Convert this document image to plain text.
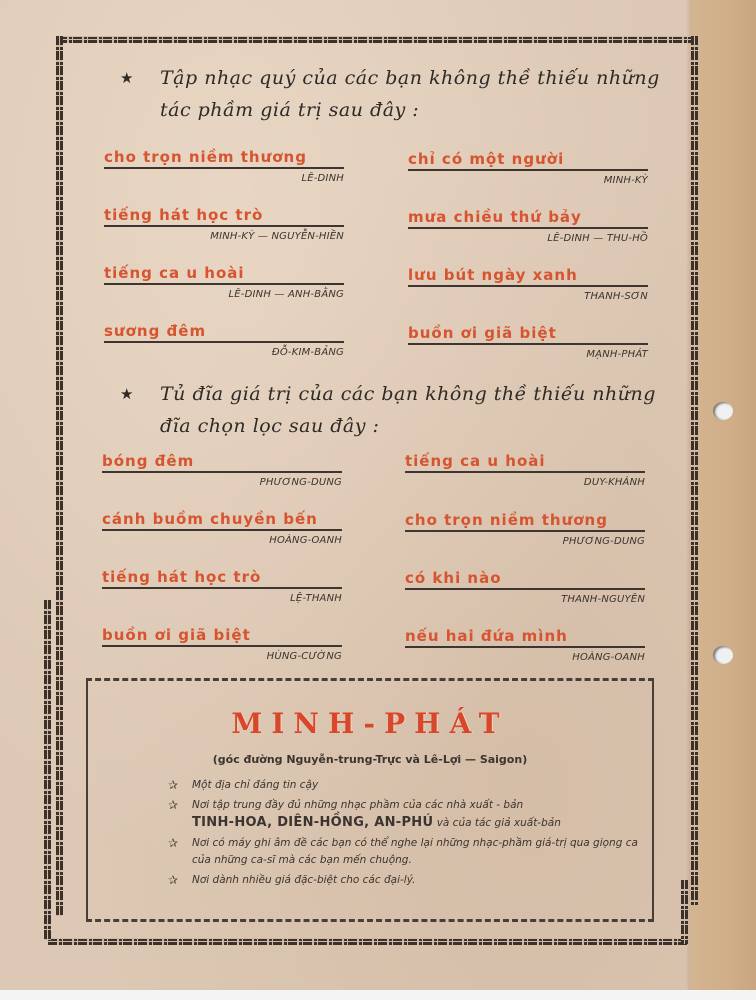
★	Tập nhạc quý của các bạn không thề thiếu những
tác phầm giá trị sau đây :
cho trọn niềm thương
LÊ-DINH
chỉ có một người
MINH-KỲ
tiếng hát học trò
MINH-KỲ — NGUYỄN-HIỀN
mưa chiều thứ bảy
LÊ-DINH — THU-HỒ
tiếng ca u hoài
LÊ-DINH — ANH-BẰNG
lưu bút ngày xanh
THANH-SƠN
sương đêm
ĐỖ-KIM-BẢNG
buồn ơi giã biệt
MẠNH-PHÁT
★	Tủ đĩa giá trị của các bạn không thề thiếu những
đĩa chọn lọc sau đây :
bóng đêm
PHƯƠNG-DUNG
tiếng ca u hoài
DUY-KHÁNH
cánh buồm chuyền bến
HOÀNG-OANH
cho trọn niềm thương
PHƯƠNG-DUNG
tiếng hát học trò
LỆ-THANH
có khi nào
THANH-NGUYÊN
buồn ơi giã biệt
HÙNG-CƯỜNG
nếu hai đứa mình
HOÀNG-OANH
MINH-PHÁT
(góc đường Nguyễn-trung-Trực và Lê-Lợi — Saigon)
✰ Một địa chỉ đáng tin cậy
✰ Nơi tập trung đầy đủ những nhạc phầm của các nhà xuất - bản
TINH-HOA, DIÊN-HỒNG, AN-PHÚ và của tác giả xuất-bản
✰ Nơi có máy ghi âm đề các bạn có thể nghe lại những nhạc-phầm giá-trị qua giọng ca của những ca-sĩ mà các bạn mến chuộng.
✰ Nơi dành nhiều giá đặc-biệt cho các đại-lý.
